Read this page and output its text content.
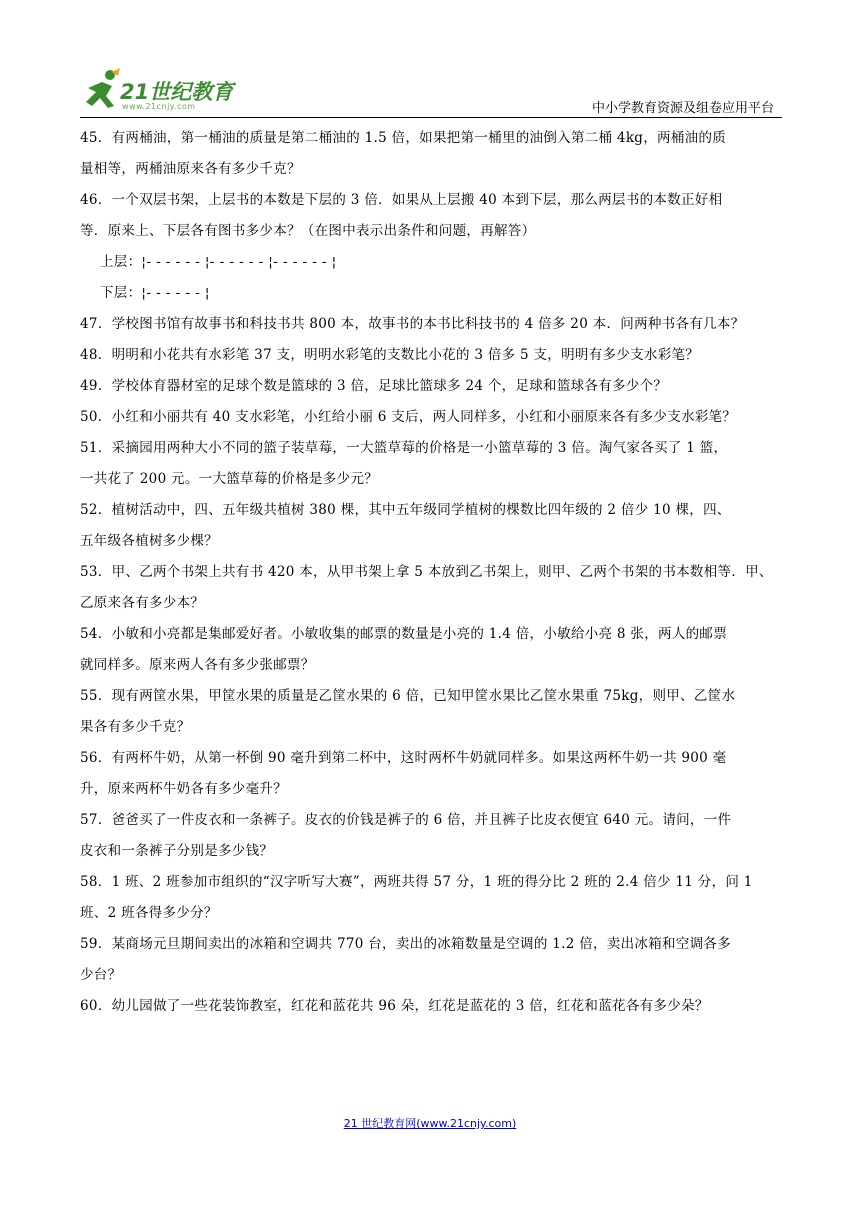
21世纪教育
www.21cnjy.com	中小学教育资源及组卷应用平台
45．有两桶油，第一桶油的质量是第二桶油的 1.5 倍，如果把第一桶里的油倒入第二桶 4kg，两桶油的质
量相等，两桶油原来各有多少千克？
46．一个双层书架，上层书的本数是下层的 3 倍．如果从上层搬 40 本到下层，那么两层书的本数正好相
等．原来上、下层各有图书多少本？（在图中表示出条件和问题，再解答）
上层：¦- - - - - - ¦- - - - - - ¦- - - - - - ¦
下层：¦- - - - - - ¦
47．学校图书馆有故事书和科技书共 800 本，故事书的本书比科技书的 4 倍多 20 本．问两种书各有几本？
48．明明和小花共有水彩笔 37 支，明明水彩笔的支数比小花的 3 倍多 5 支，明明有多少支水彩笔？
49．学校体育器材室的足球个数是篮球的 3 倍，足球比篮球多 24 个，足球和篮球各有多少个？
50．小红和小丽共有 40 支水彩笔，小红给小丽 6 支后，两人同样多，小红和小丽原来各有多少支水彩笔？
51．采摘园用两种大小不同的篮子装草莓，一大篮草莓的价格是一小篮草莓的 3 倍。淘气家各买了 1 篮，
一共花了 200 元。一大篮草莓的价格是多少元？
52．植树活动中，四、五年级共植树 380 棵，其中五年级同学植树的棵数比四年级的 2 倍少 10 棵，四、
五年级各植树多少棵？
53．甲、乙两个书架上共有书 420 本，从甲书架上拿 5 本放到乙书架上，则甲、乙两个书架的书本数相等．甲、
乙原来各有多少本？
54．小敏和小亮都是集邮爱好者。小敏收集的邮票的数量是小亮的 1.4 倍，小敏给小亮 8 张，两人的邮票
就同样多。原来两人各有多少张邮票？
55．现有两筐水果，甲筐水果的质量是乙筐水果的 6 倍，已知甲筐水果比乙筐水果重 75kg，则甲、乙筐水
果各有多少千克？
56．有两杯牛奶，从第一杯倒 90 毫升到第二杯中，这时两杯牛奶就同样多。如果这两杯牛奶一共 900 毫
升，原来两杯牛奶各有多少毫升？
57．爸爸买了一件皮衣和一条裤子。皮衣的价钱是裤子的 6 倍，并且裤子比皮衣便宜 640 元。请问，一件
皮衣和一条裤子分别是多少钱？
58．1 班、2 班参加市组织的“汉字听写大赛”，两班共得 57 分，1 班的得分比 2 班的 2.4 倍少 11 分，问 1
班、2 班各得多少分？
59．某商场元旦期间卖出的冰箱和空调共 770 台，卖出的冰箱数量是空调的 1.2 倍，卖出冰箱和空调各多
少台？
60．幼儿园做了一些花装饰教室，红花和蓝花共 96 朵，红花是蓝花的 3 倍，红花和蓝花各有多少朵？
21 世纪教育网(www.21cnjy.com)
